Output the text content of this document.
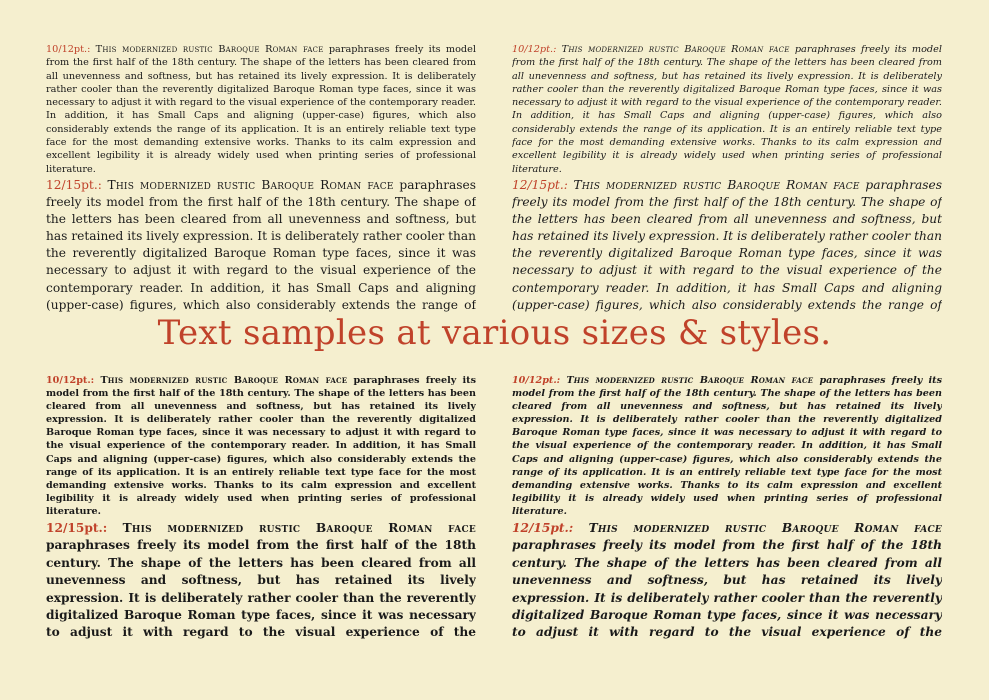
10/12pt.: This modernized rustic Baroque Roman face paraphrases freely its model from the first half of the 18th century. The shape of the letters has been cleared from all unevenness and softness, but has retained its lively expression. It is deliberately rather cooler than the reverently digitalized Baroque Roman type faces, since it was necessary to adjust it with regard to the visual experience of the contemporary reader. In addition, it has Small Caps and aligning (upper-case) figures, which also considerably extends the range of its application. It is an entirely reliable text type face for the most demanding extensive works. Thanks to its calm expression and excellent legibility it is already widely used when printing series of professional literature.

12/15pt.: This modernized rustic Baroque Roman face paraphrases freely its model from the first half of the 18th century. The shape of the letters has been cleared from all unevenness and softness, but has retained its lively expression. It is deliberately rather cooler than the reverently digitalized Baroque Roman type faces, since it was necessary to adjust it with regard to the visual experience of the contemporary reader. In addition, it has Small Caps and aligning (upper-case) figures, which also considerably extends the range of

10/12pt.: This modernized rustic Baroque Roman face paraphrases freely its model from the first half of the 18th century. The shape of the letters has been cleared from all unevenness and softness, but has retained its lively expression. It is deliberately rather cooler than the reverently digitalized Baroque Roman type faces, since it was necessary to adjust it with regard to the visual experience of the contemporary reader. In addition, it has Small Caps and aligning (upper-case) figures, which also considerably extends the range of its application. It is an entirely reliable text type face for the most demanding extensive works. Thanks to its calm expression and excellent legibility it is already widely used when printing series of professional literature.

12/15pt.: This modernized rustic Baroque Roman face paraphrases freely its model from the first half of the 18th century. The shape of the letters has been cleared from all unevenness and softness, but has retained its lively expression. It is deliberately rather cooler than the reverently digitalized Baroque Roman type faces, since it was necessary to adjust it with regard to the visual experience of the contemporary reader. In addition, it has Small Caps and aligning (upper-case) figures, which also considerably extends the range of

Text samples at various sizes & styles.

10/12pt.: This modernized rustic Baroque Roman face paraphrases freely its model from the first half of the 18th century. The shape of the letters has been cleared from all unevenness and softness, but has retained its lively expression. It is deliberately rather cooler than the reverently digitalized Baroque Roman type faces, since it was necessary to adjust it with regard to the visual experience of the contemporary reader. In addition, it has Small Caps and aligning (upper-case) figures, which also considerably extends the range of its application. It is an entirely reliable text type face for the most demanding extensive works. Thanks to its calm expression and excellent legibility it is already widely used when printing series of professional literature.

12/15pt.: This modernized rustic Baroque Roman face paraphrases freely its model from the first half of the 18th century. The shape of the letters has been cleared from all unevenness and softness, but has retained its lively expression. It is deliberately rather cooler than the reverently digitalized Baroque Roman type faces, since it was necessary to adjust it with regard to the visual experience of the

10/12pt.: This modernized rustic Baroque Roman face paraphrases freely its model from the first half of the 18th century. The shape of the letters has been cleared from all unevenness and softness, but has retained its lively expression. It is deliberately rather cooler than the reverently digitalized Baroque Roman type faces, since it was necessary to adjust it with regard to the visual experience of the contemporary reader. In addition, it has Small Caps and aligning (upper-case) figures, which also considerably extends the range of its application. It is an entirely reliable text type face for the most demanding extensive works. Thanks to its calm expression and excellent legibility it is already widely used when printing series of professional literature.

12/15pt.: This modernized rustic Baroque Roman face paraphrases freely its model from the first half of the 18th century. The shape of the letters has been cleared from all unevenness and softness, but has retained its lively expression. It is deliberately rather cooler than the reverently digitalized Baroque Roman type faces, since it was necessary to adjust it with regard to the visual experience of the
